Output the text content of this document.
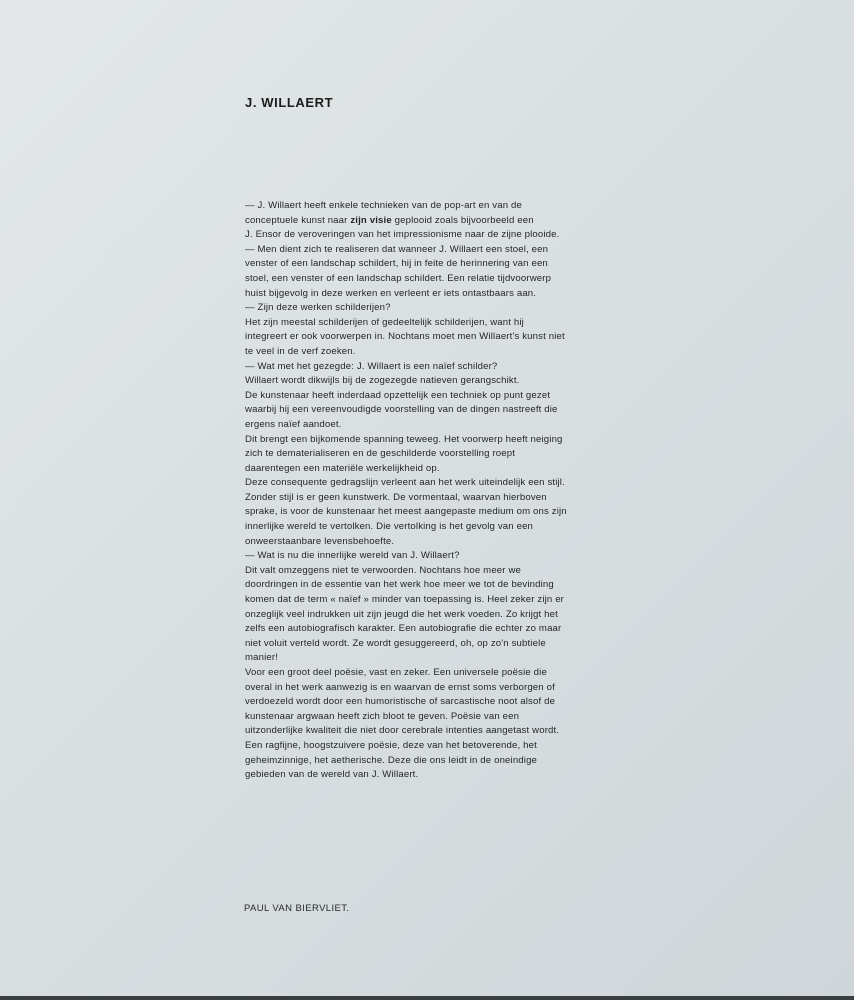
J. WILLAERT
— J. Willaert heeft enkele technieken van de pop-art en van de
conceptuele kunst naar zijn visie geplooid zoals bijvoorbeeld een
J. Ensor de veroveringen van het impressionisme naar de zijne plooide.
— Men dient zich te realiseren dat wanneer J. Willaert een stoel, een
venster of een landschap schildert, hij in feite de herinnering van een
stoel, een venster of een landschap schildert. Een relatie tijdvoorwerp
huist bijgevolg in deze werken en verleent er iets ontastbaars aan.
— Zijn deze werken schilderijen?
Het zijn meestal schilderijen of gedeeltelijk schilderijen, want hij
integreert er ook voorwerpen in. Nochtans moet men Willaert's kunst niet
te veel in de verf zoeken.
— Wat met het gezegde: J. Willaert is een naïef schilder?
Willaert wordt dikwijls bij de zogezegde natieven gerangschikt.
De kunstenaar heeft inderdaad opzettelijk een techniek op punt gezet
waarbij hij een vereenvoudigde voorstelling van de dingen nastreeft die
ergens naïef aandoet.
Dit brengt een bijkomende spanning teweeg. Het voorwerp heeft neiging
zich te dematerialiseren en de geschilderde voorstelling roept
daarentegen een materiële werkelijkheid op.
Deze consequente gedragslijn verleent aan het werk uiteindelijk een stijl.
Zonder stijl is er geen kunstwerk. De vormentaal, waarvan hierboven
sprake, is voor de kunstenaar het meest aangepaste medium om ons zijn
innerlijke wereld te vertolken. Die vertolking is het gevolg van een
onweerstaanbare levensbehoefte.
— Wat is nu die innerlijke wereld van J. Willaert?
Dit valt omzeggens niet te verwoorden. Nochtans hoe meer we
doordringen in de essentie van het werk hoe meer we tot de bevinding
komen dat de term « naïef » minder van toepassing is. Heel zeker zijn er
onzeglijk veel indrukken uit zijn jeugd die het werk voeden. Zo krijgt het
zelfs een autobiografisch karakter. Een autobiografie die echter zo maar
niet voluit verteld wordt. Ze wordt gesuggereerd, oh, op zo'n subtiele
manier!
Voor een groot deel poësie, vast en zeker. Een universele poësie die
overal in het werk aanwezig is en waarvan de ernst soms verborgen of
verdoezeld wordt door een humoristische of sarcastische noot alsof de
kunstenaar argwaan heeft zich bloot te geven. Poësie van een
uitzonderlijke kwaliteit die niet door cerebrale intenties aangetast wordt.
Een ragfijne, hoogstzuivere poësie, deze van het betoverende, het
geheimzinnige, het aetherische. Deze die ons leidt in de oneindige
gebieden van de wereld van J. Willaert.
PAUL VAN BIERVLIET.
